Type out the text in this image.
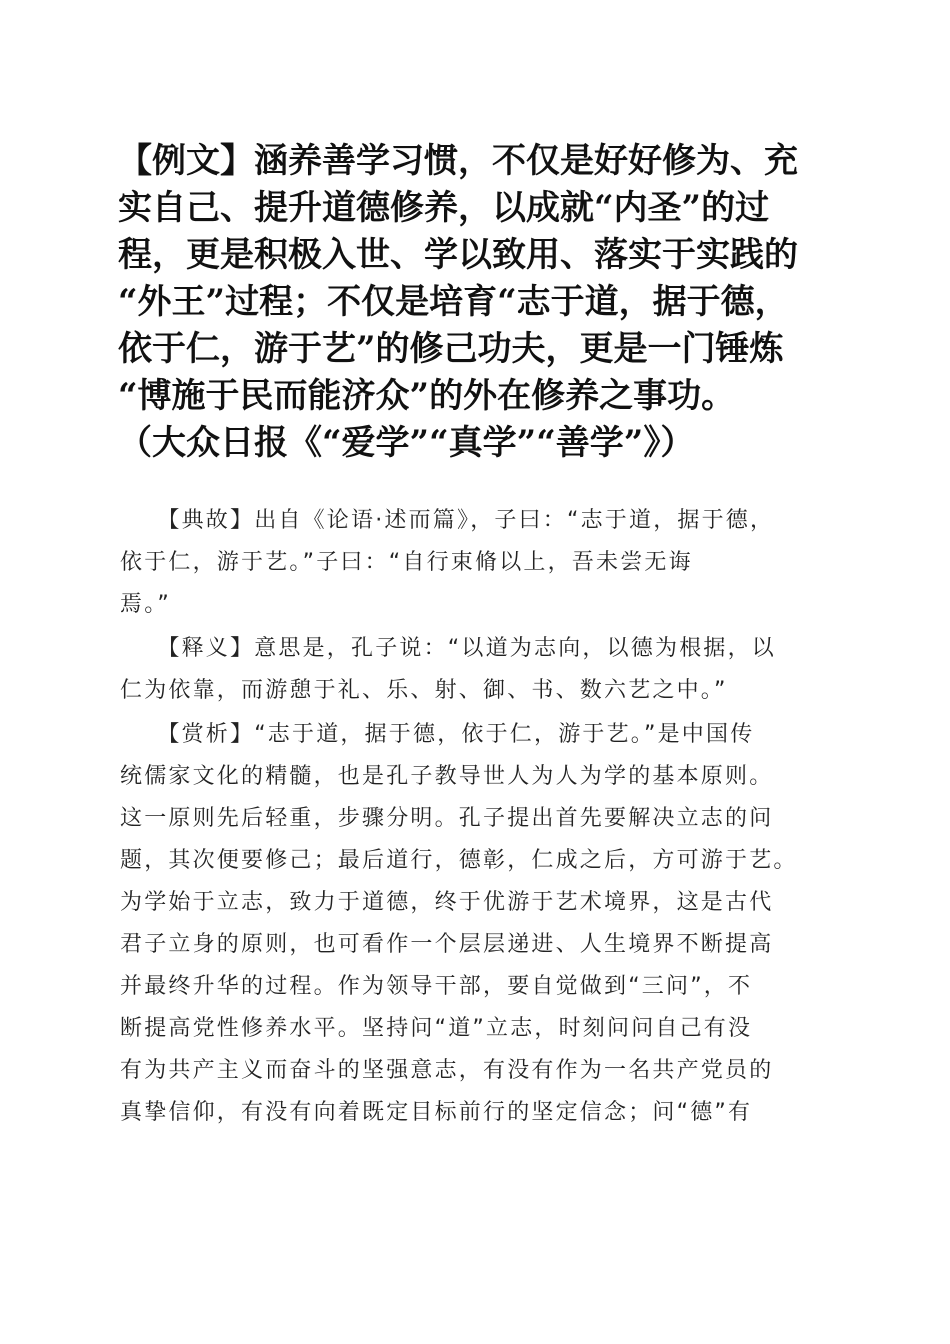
【例文】涵养善学习惯，不仅是好好修为、充

实自己、提升道德修养，以成就“内圣”的过

程，更是积极入世、学以致用、落实于实践的

“外王”过程；不仅是培育“志于道，据于德，

依于仁，游于艺”的修己功夫，更是一门锤炼

“博施于民而能济众”的外在修养之事功。

（大众日报《“爱学”“真学”“善学”》）

　　【典故】出自《论语·述而篇》，子曰：“志于道，据于德，

依于仁，游于艺。”子曰：“自行束脩以上，吾未尝无诲

焉。”

　　【释义】意思是，孔子说：“以道为志向，以德为根据，以

仁为依靠，而游憩于礼、乐、射、御、书、数六艺之中。”

　　【赏析】“志于道，据于德，依于仁，游于艺。”是中国传

统儒家文化的精髓，也是孔子教导世人为人为学的基本原则。

这一原则先后轻重，步骤分明。孔子提出首先要解决立志的问

题，其次便要修己；最后道行，德彰，仁成之后，方可游于艺。

为学始于立志，致力于道德，终于优游于艺术境界，这是古代

君子立身的原则，也可看作一个层层递进、人生境界不断提高

并最终升华的过程。作为领导干部，要自觉做到“三问”，不

断提高党性修养水平。坚持问“道”立志，时刻问问自己有没

有为共产主义而奋斗的坚强意志，有没有作为一名共产党员的

真挚信仰，有没有向着既定目标前行的坚定信念；问“德”有
